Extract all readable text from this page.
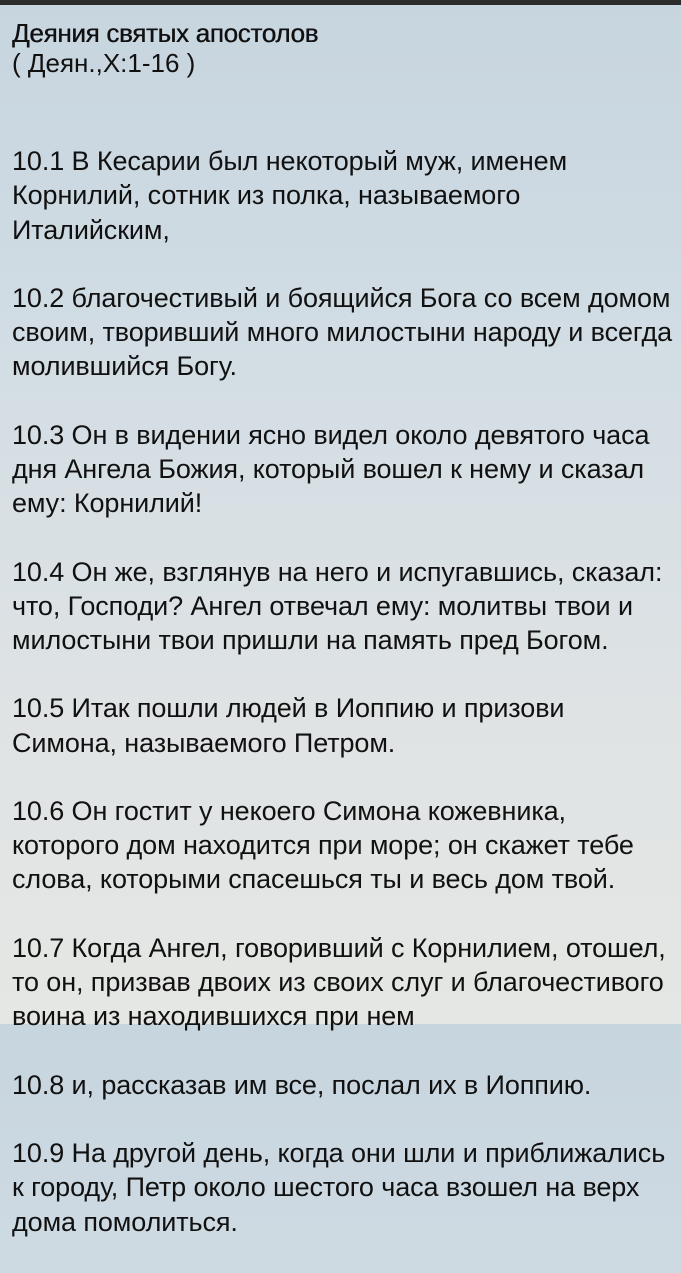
Деяния святых апостолов
( Деян.,X:1-16 )

10.1 В Кесарии был некоторый муж, именем Корнилий, сотник из полка, называемого Италийским,

10.2 благочестивый и боящийся Бога со всем домом своим, творивший много милостыни народу и всегда молившийся Богу.

10.3 Он в видении ясно видел около девятого часа дня Ангела Божия, который вошел к нему и сказал ему: Корнилий!

10.4 Он же, взглянув на него и испугавшись, сказал: что, Господи? Ангел отвечал ему: молитвы твои и милостыни твои пришли на память пред Богом.

10.5 Итак пошли людей в Иоппию и призови Симона, называемого Петром.

10.6 Он гостит у некоего Симона кожевника, которого дом находится при море; он скажет тебе слова, которыми спасешься ты и весь дом твой.

10.7 Когда Ангел, говоривший с Корнилием, отошел, то он, призвав двоих из своих слуг и благочестивого воина из находившихся при нем

10.8 и, рассказав им все, послал их в Иоппию.

10.9 На другой день, когда они шли и приближались к городу, Петр около шестого часа взошел на верх дома помолиться.
